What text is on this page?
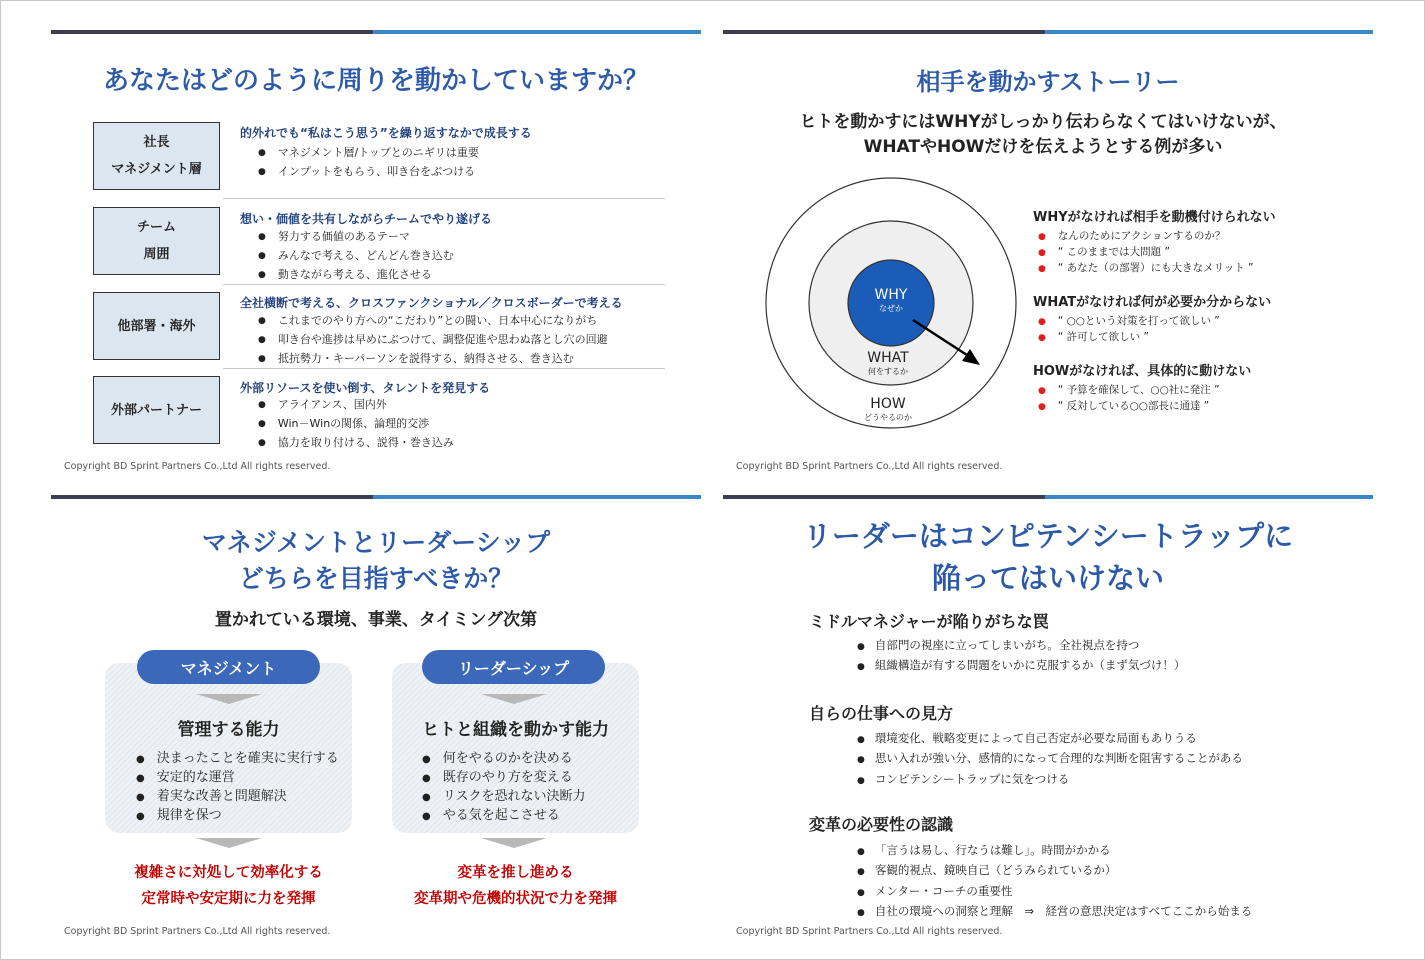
あなたはどのように周りを動かしていますか？
社長
マネジメント層
的外れでも“私はこう思う”を繰り返すなかで成長する
● マネジメント層/トップとのニギリは重要
● インプットをもらう、叩き台をぶつける
チーム
周囲
想い・価値を共有しながらチームでやり遂げる
● 努力する価値のあるテーマ
● みんなで考える、どんどん巻き込む
● 動きながら考える、進化させる
他部署・海外
全社横断で考える、クロスファンクショナル／クロスボーダーで考える
● これまでのやり方への“こだわり”との闘い、日本中心になりがち
● 叩き台や進捗は早めにぶつけて、調整促進や思わぬ落とし穴の回避
● 抵抗勢力・キーパーソンを説得する、納得させる、巻き込む
外部パートナー
外部リソースを使い倒す、タレントを発見する
● アライアンス、国内外
● Win－Winの関係、論理的交渉
● 協力を取り付ける、説得・巻き込み
Copyright BD Sprint Partners Co.,Ltd All rights reserved.
相手を動かすストーリー
ヒトを動かすにはWHYがしっかり伝わらなくてはいけないが、
WHATやHOWだけを伝えようとする例が多い
WHY
なぜか
WHAT
何をするか
HOW
どうやるのか
WHYがなければ相手を動機付けられない
● なんのためにアクションするのか？
● “ このままでは大問題 ”
● “ あなた（の部署）にも大きなメリット ”
WHATがなければ何が必要か分からない
● “ ○○という対策を打って欲しい ”
● “ 許可して欲しい ”
HOWがなければ、具体的に動けない
● “ 予算を確保して、○○社に発注 ”
● “ 反対している○○部長に通達 ”
Copyright BD Sprint Partners Co.,Ltd All rights reserved.
マネジメントとリーダーシップ
どちらを目指すべきか？
置かれている環境、事業、タイミング次第
マネジメント
管理する能力
● 決まったことを確実に実行する
● 安定的な運営
● 着実な改善と問題解決
● 規律を保つ
複雑さに対処して効率化する
定常時や安定期に力を発揮
リーダーシップ
ヒトと組織を動かす能力
● 何をやるのかを決める
● 既存のやり方を変える
● リスクを恐れない決断力
● やる気を起こさせる
変革を推し進める
変革期や危機的状況で力を発揮
Copyright BD Sprint Partners Co.,Ltd All rights reserved.
リーダーはコンピテンシートラップに
陥ってはいけない
ミドルマネジャーが陥りがちな罠
● 自部門の視座に立ってしまいがち。全社視点を持つ
● 組織構造が有する問題をいかに克服するか（まず気づけ！）
自らの仕事への見方
● 環境変化、戦略変更によって自己否定が必要な局面もありうる
● 思い入れが強い分、感情的になって合理的な判断を阻害することがある
● コンピテンシートラップに気をつける
変革の必要性の認識
● 「言うは易し、行なうは難し」。時間がかかる
● 客観的視点、鏡映自己（どうみられているか）
● メンター・コーチの重要性
● 自社の環境への洞察と理解　⇒　経営の意思決定はすべてここから始まる
Copyright BD Sprint Partners Co.,Ltd All rights reserved.
